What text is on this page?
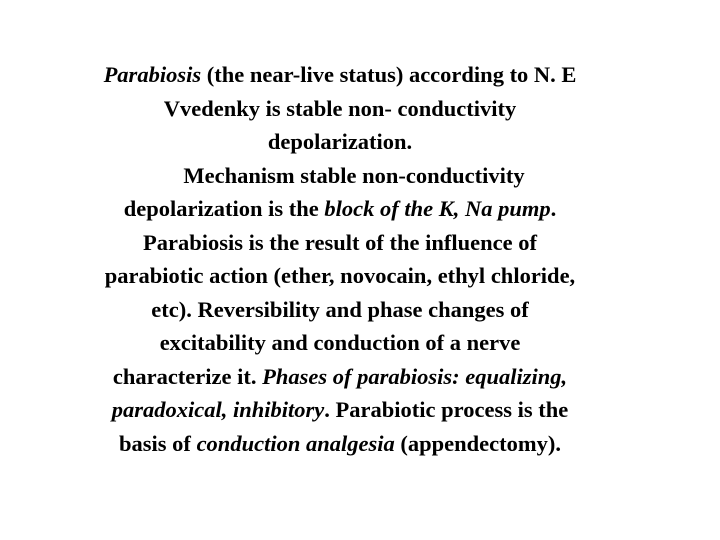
Parabiosis (the near-live status) according to N. E
Vvedenky is stable non- conductivity
depolarization.
Mechanism stable non-conductivity
depolarization is the block of the K, Na pump.
Parabiosis is the result of the influence of
parabiotic action (ether, novocain, ethyl chloride,
etc). Reversibility and phase changes of
excitability and conduction of a nerve
characterize it. Phases of parabiosis: equalizing,
paradoxical, inhibitory. Parabiotic process is the
basis of conduction analgesia (appendectomy).
